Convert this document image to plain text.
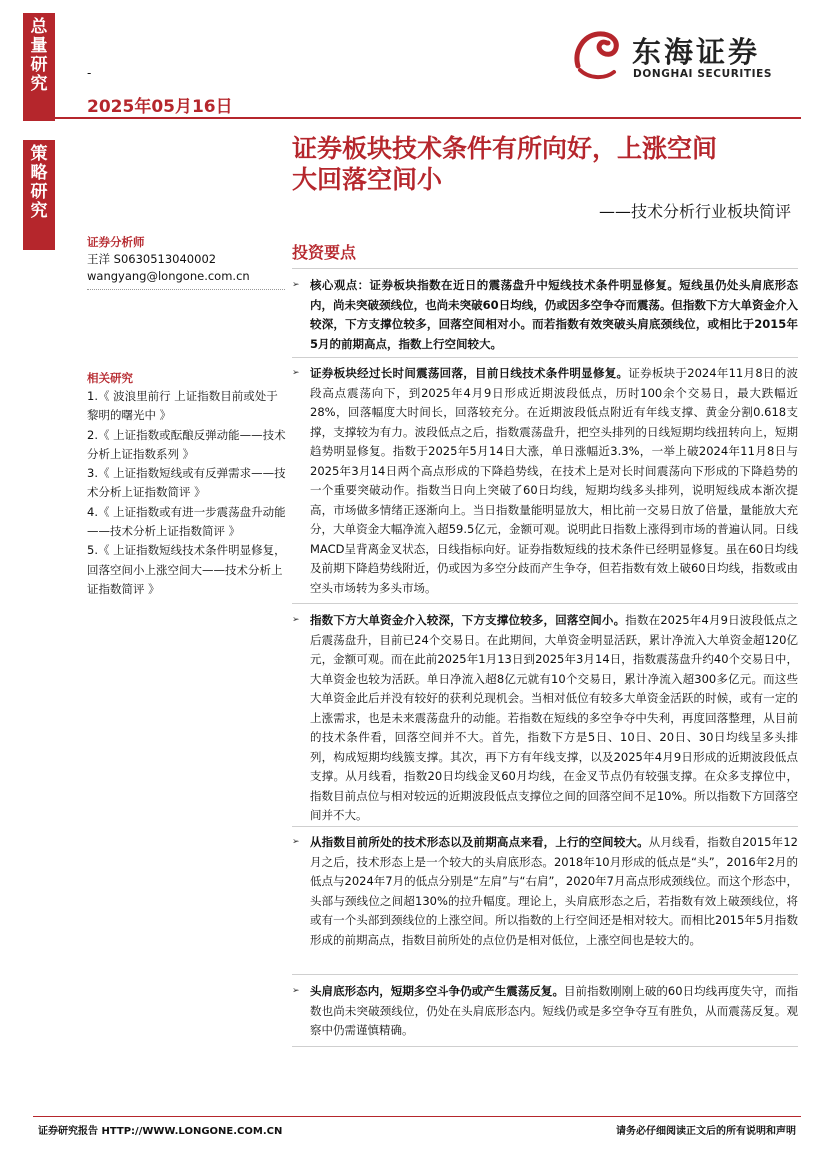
总
量
研
究
策
略
研
究
-
2025年05月16日
东海证券
DONGHAI SECURITIES
证券板块技术条件有所向好，上涨空间
大回落空间小
——技术分析行业板块简评
证券分析师
王洋 S0630513040002
wangyang@longone.com.cn
相关研究
1.《 波浪里前行 上证指数目前或处于黎明的曙光中 》
2.《 上证指数或酝酿反弹动能——技术分析上证指数系列 》
3.《 上证指数短线或有反弹需求——技术分析上证指数简评 》
4.《 上证指数或有进一步震荡盘升动能——技术分析上证指数简评 》
5.《 上证指数短线技术条件明显修复，回落空间小上涨空间大——技术分析上证指数简评 》
投资要点
➢ 核心观点：证券板块指数在近日的震荡盘升中短线技术条件明显修复。短线虽仍处头肩底形态内，尚未突破颈线位，也尚未突破60日均线，仍或因多空争夺而震荡。但指数下方大单资金介入较深，下方支撑位较多，回落空间相对小。而若指数有效突破头肩底颈线位，或相比于2015年5月的前期高点，指数上行空间较大。
➢ 证券板块经过长时间震荡回落，目前日线技术条件明显修复。证券板块于2024年11月8日的波段高点震荡向下，到2025年4月9日形成近期波段低点，历时100余个交易日，最大跌幅近28%，回落幅度大时间长，回落较充分。在近期波段低点附近有年线支撑、黄金分割0.618支撑，支撑较为有力。波段低点之后，指数震荡盘升，把空头排列的日线短期均线扭转向上，短期趋势明显修复。指数于2025年5月14日大涨，单日涨幅近3.3%，一举上破2024年11月8日与2025年3月14日两个高点形成的下降趋势线，在技术上是对长时间震荡向下形成的下降趋势的一个重要突破动作。指数当日向上突破了60日均线，短期均线多头排列，说明短线成本渐次提高，市场做多情绪正逐渐向上。当日指数量能明显放大，相比前一交易日放了倍量，量能放大充分，大单资金大幅净流入超59.5亿元，金额可观。说明此日指数上涨得到市场的普遍认同。日线MACD呈背离金叉状态，日线指标向好。证券指数短线的技术条件已经明显修复。虽在60日均线及前期下降趋势线附近，仍或因为多空分歧而产生争夺，但若指数有效上破60日均线，指数或由空头市场转为多头市场。
➢ 指数下方大单资金介入较深，下方支撑位较多，回落空间小。指数在2025年4月9日波段低点之后震荡盘升，目前已24个交易日。在此期间，大单资金明显活跃，累计净流入大单资金超120亿元，金额可观。而在此前2025年1月13日到2025年3月14日，指数震荡盘升约40个交易日中，大单资金也较为活跃。单日净流入超8亿元就有10个交易日，累计净流入超300多亿元。而这些大单资金此后并没有较好的获利兑现机会。当相对低位有较多大单资金活跃的时候，或有一定的上涨需求，也是未来震荡盘升的动能。若指数在短线的多空争夺中失利，再度回落整理，从目前的技术条件看，回落空间并不大。首先，指数下方是5日、10日、20日、30日均线呈多头排列，构成短期均线簇支撑。其次，再下方有年线支撑，以及2025年4月9日形成的近期波段低点支撑。从月线看，指数20日均线金叉60月均线，在金叉节点仍有较强支撑。在众多支撑位中，指数目前点位与相对较远的近期波段低点支撑位之间的回落空间不足10%。所以指数下方回落空间并不大。
➢ 从指数目前所处的技术形态以及前期高点来看，上行的空间较大。从月线看，指数自2015年12月之后，技术形态上是一个较大的头肩底形态。2018年10月形成的低点是“头”，2016年2月的低点与2024年7月的低点分别是“左肩”与“右肩”，2020年7月高点形成颈线位。而这个形态中，头部与颈线位之间超130%的拉升幅度。理论上，头肩底形态之后，若指数有效上破颈线位，将或有一个头部到颈线位的上涨空间。所以指数的上行空间还是相对较大。而相比2015年5月指数形成的前期高点，指数目前所处的点位仍是相对低位，上涨空间也是较大的。
➢ 头肩底形态内，短期多空斗争仍或产生震荡反复。目前指数刚刚上破的60日均线再度失守，而指数也尚未突破颈线位，仍处在头肩底形态内。短线仍或是多空争夺互有胜负，从而震荡反复。观察中仍需谨慎精确。
证券研究报告 HTTP://WWW.LONGONE.COM.CN	请务必仔细阅读正文后的所有说明和声明
